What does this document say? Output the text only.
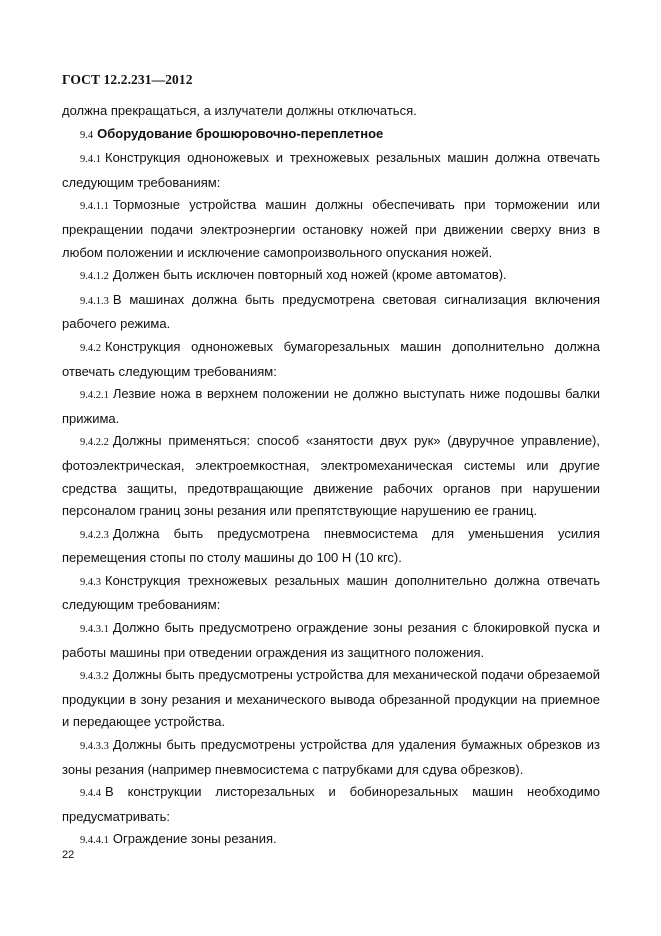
ГОСТ 12.2.231—2012

должна прекращаться, а излучатели должны отключаться.

9.4 Оборудование брошюровочно-переплетное

9.4.1 Конструкция одноножевых и трехножевых резальных машин должна отвечать следующим требованиям:

9.4.1.1 Тормозные устройства машин должны обеспечивать при торможении или прекращении подачи электроэнергии остановку ножей при движении сверху вниз в любом положении и исключение самопроизвольного опускания ножей.

9.4.1.2 Должен быть исключен повторный ход ножей (кроме автоматов).

9.4.1.3 В машинах должна быть предусмотрена световая сигнализация включения рабочего режима.

9.4.2 Конструкция одноножевых бумагорезальных машин дополнительно должна отвечать следующим требованиям:

9.4.2.1 Лезвие ножа в верхнем положении не должно выступать ниже подошвы балки прижима.

9.4.2.2 Должны применяться: способ «занятости двух рук» (двуручное управление), фотоэлектрическая, электроемкостная, электромеханическая системы или другие средства защиты, предотвращающие движение рабочих органов при нарушении персоналом границ зоны резания или препятствующие нарушению ее границ.

9.4.2.3 Должна быть предусмотрена пневмосистема для уменьшения усилия перемещения стопы по столу машины до 100 Н (10 кгс).

9.4.3 Конструкция трехножевых резальных машин дополнительно должна отвечать следующим требованиям:

9.4.3.1 Должно быть предусмотрено ограждение зоны резания с блокировкой пуска и работы машины при отведении ограждения из защитного положения.

9.4.3.2 Должны быть предусмотрены устройства для механической подачи обрезаемой продукции в зону резания и механического вывода обрезанной продукции на приемное и передающее устройства.

9.4.3.3 Должны быть предусмотрены устройства для удаления бумажных обрезков из зоны резания (например пневмосистема с патрубками для сдува обрезков).

9.4.4 В конструкции листорезальных и бобинорезальных машин необходимо предусматривать:

9.4.4.1 Ограждение зоны резания.

22
